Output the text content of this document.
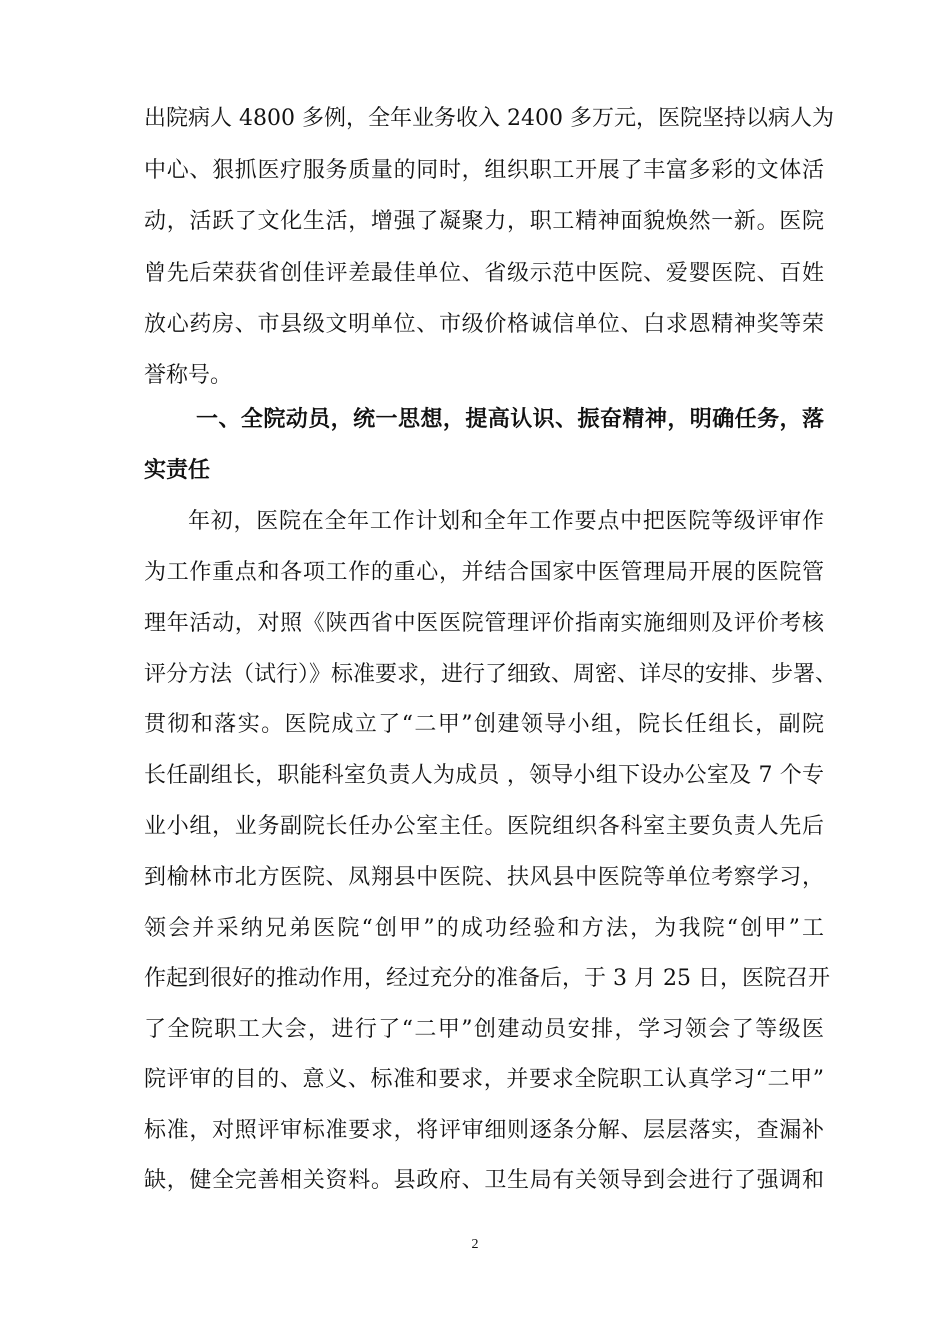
出院病人 4800 多例，全年业务收入 2400 多万元，医院坚持以病人为
中心、狠抓医疗服务质量的同时，组织职工开展了丰富多彩的文体活
动，活跃了文化生活，增强了凝聚力，职工精神面貌焕然一新。医院
曾先后荣获省创佳评差最佳单位、省级示范中医院、爱婴医院、百姓
放心药房、市县级文明单位、市级价格诚信单位、白求恩精神奖等荣
誉称号。
一、全院动员，统一思想，提高认识、振奋精神，明确任务，落
实责任
年初，医院在全年工作计划和全年工作要点中把医院等级评审作
为工作重点和各项工作的重心，并结合国家中医管理局开展的医院管
理年活动，对照《陕西省中医医院管理评价指南实施细则及评价考核
评分方法（试行）》标准要求，进行了细致、周密、详尽的安排、步署、
贯彻和落实。医院成立了“二甲”创建领导小组，院长任组长，副院
长任副组长，职能科室负责人为成员 ，领导小组下设办公室及 7 个专
业小组，业务副院长任办公室主任。医院组织各科室主要负责人先后
到榆林市北方医院、凤翔县中医院、扶风县中医院等单位考察学习，
领会并采纳兄弟医院“创甲”的成功经验和方法，为我院“创甲”工
作起到很好的推动作用，经过充分的准备后，于 3 月 25 日，医院召开
了全院职工大会，进行了“二甲”创建动员安排，学习领会了等级医
院评审的目的、意义、标准和要求，并要求全院职工认真学习“二甲”
标准，对照评审标准要求，将评审细则逐条分解、层层落实，查漏补
缺，健全完善相关资料。县政府、卫生局有关领导到会进行了强调和
2
